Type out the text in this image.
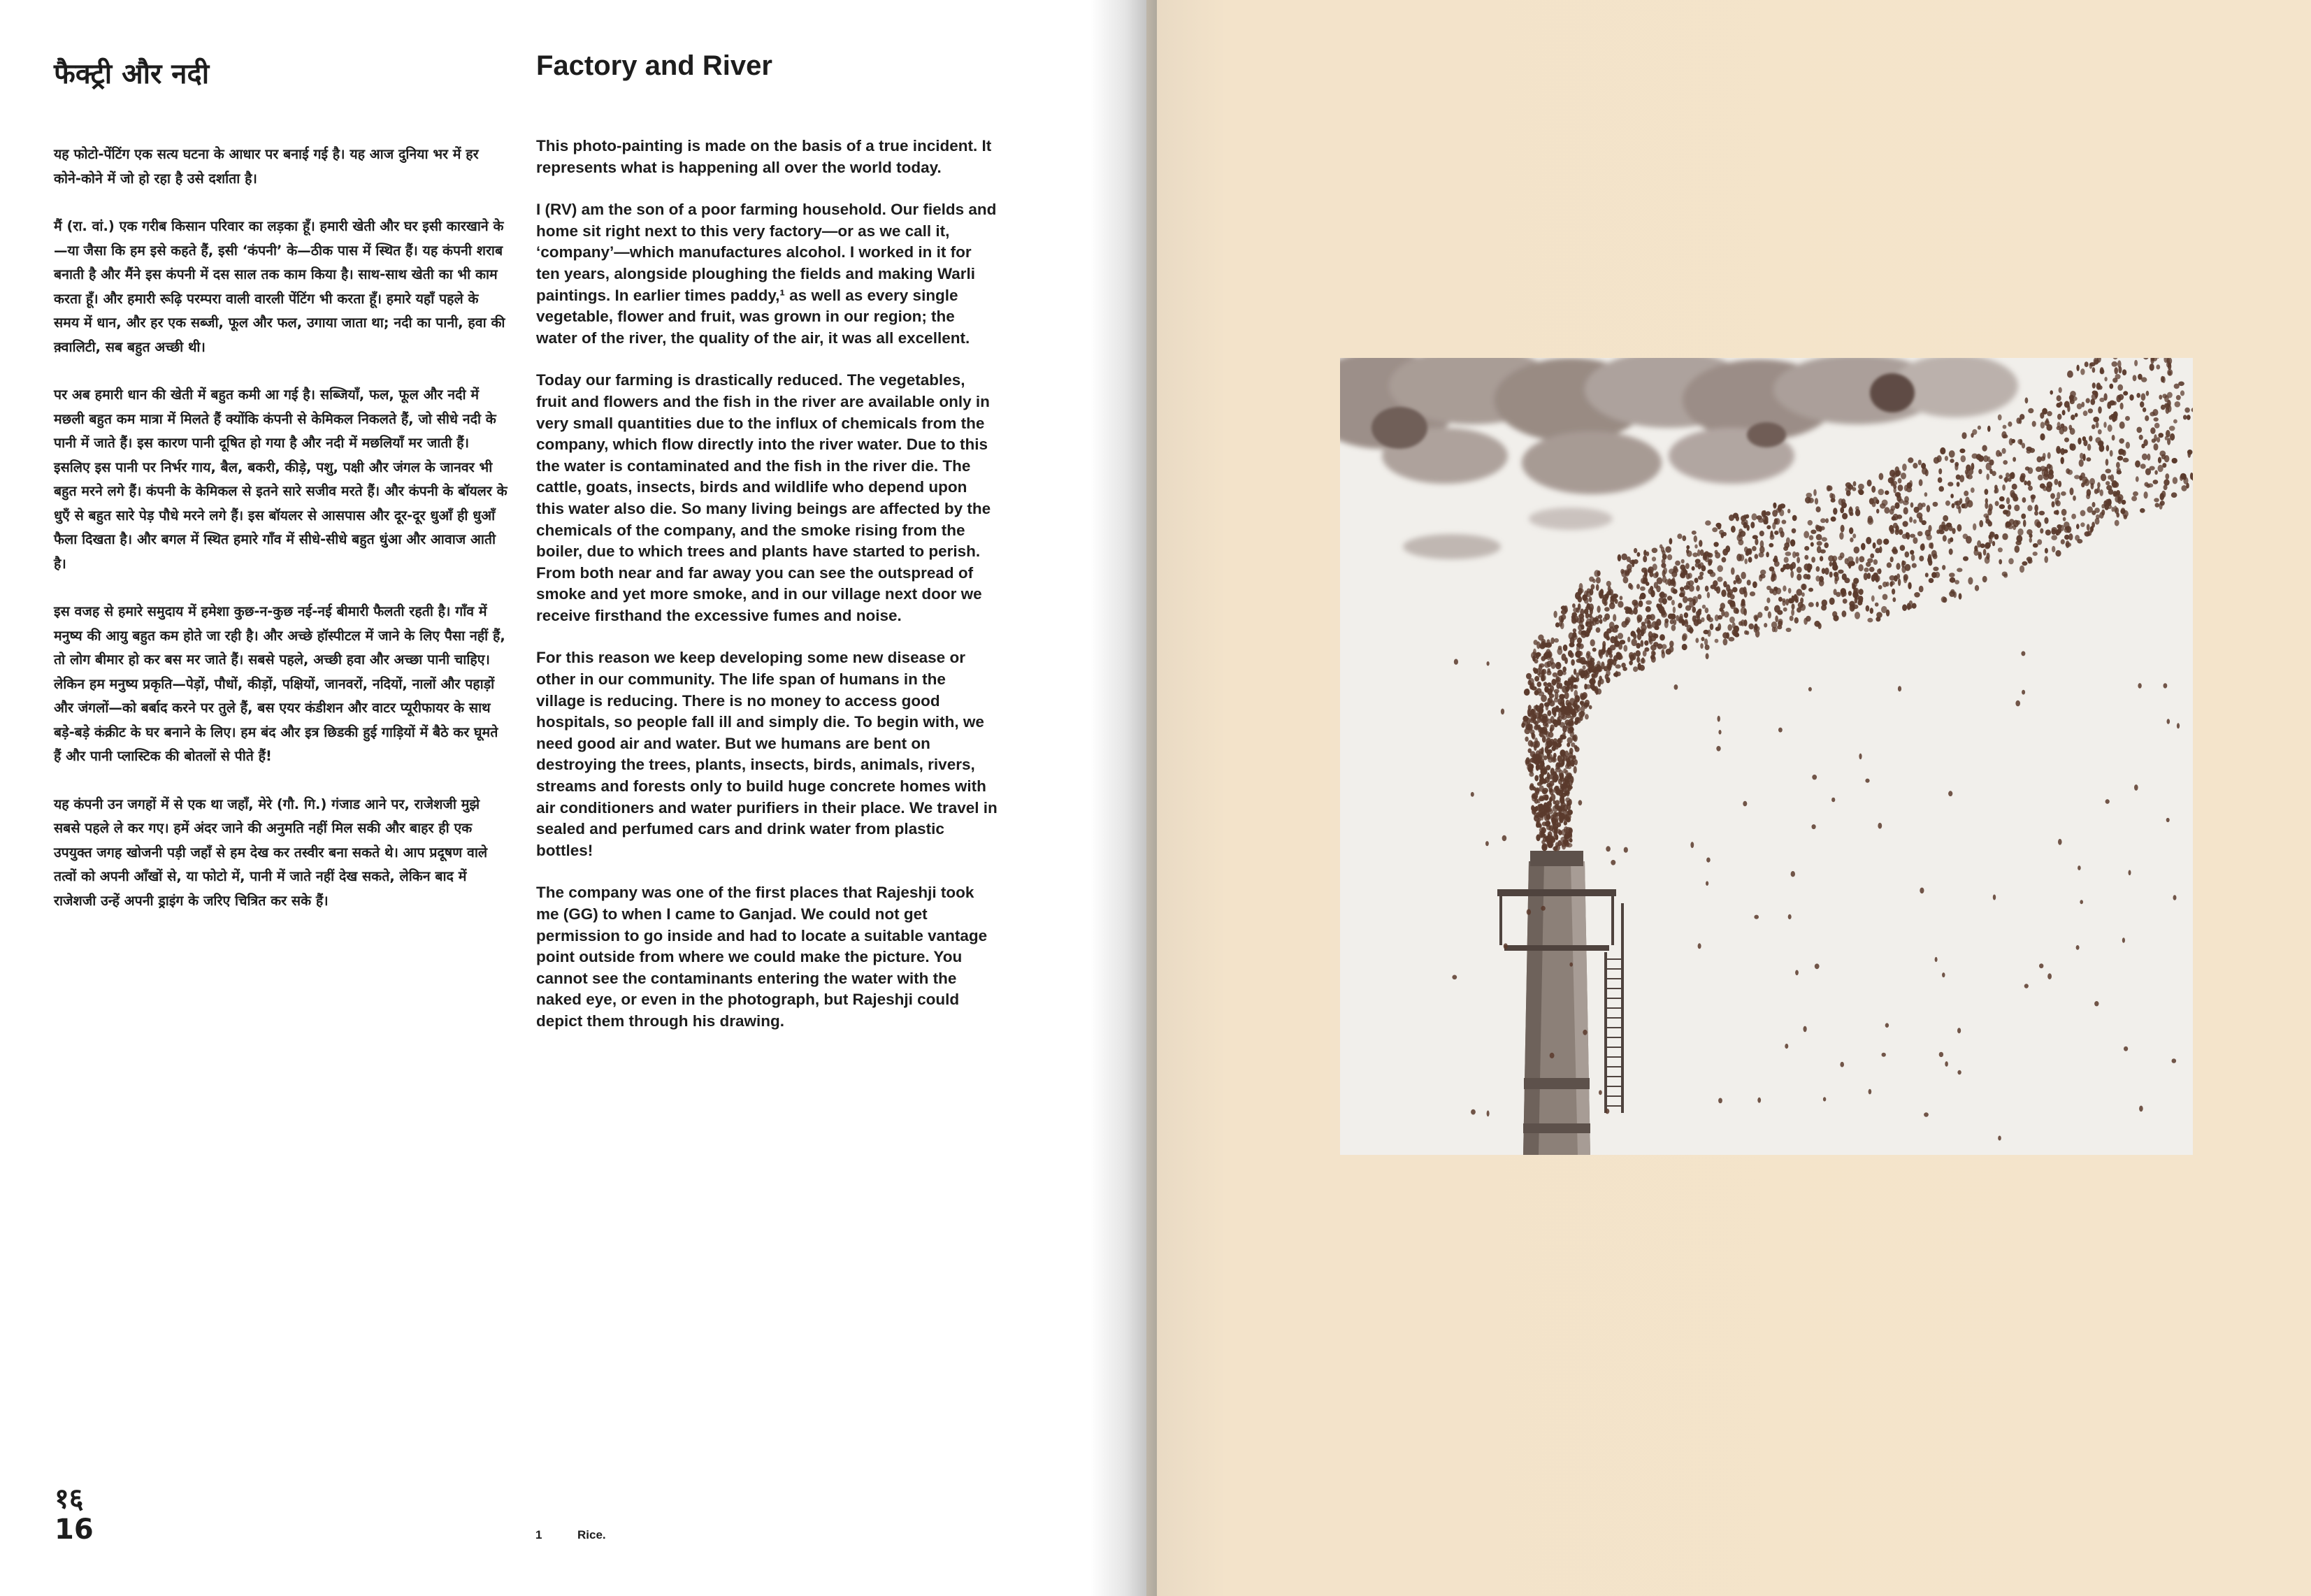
फैक्ट्री और नदी

यह फोटो-पेंटिंग एक सत्य घटना के आधार पर बनाई गई है। यह आज दुनिया भर में हर कोने-कोने में जो हो रहा है उसे दर्शाता है।

मैं (रा. वां.) एक गरीब किसान परिवार का लड़का हूँ। हमारी खेती और घर इसी कारखाने के—या जैसा कि हम इसे कहते हैं, इसी ‘कंपनी’ के—ठीक पास में स्थित हैं। यह कंपनी शराब बनाती है और मैंने इस कंपनी में दस साल तक काम किया है। साथ-साथ खेती का भी काम करता हूँ। और हमारी रूढ़ि परम्परा वाली वारली पेंटिंग भी करता हूँ। हमारे यहाँ पहले के समय में धान, और हर एक सब्जी, फूल और फल, उगाया जाता था; नदी का पानी, हवा की क़्वालिटी, सब बहुत अच्छी थी।

पर अब हमारी धान की खेती में बहुत कमी आ गई है। सब्जियाँ, फल, फूल और नदी में मछली बहुत कम मात्रा में मिलते हैं क्योंकि कंपनी से केमिकल निकलते हैं, जो सीधे नदी के पानी में जाते हैं। इस कारण पानी दूषित हो गया है और नदी में मछलियाँ मर जाती हैं। इसलिए इस पानी पर निर्भर गाय, बैल, बकरी, कीड़े, पशु, पक्षी और जंगल के जानवर भी बहुत मरने लगे हैं। कंपनी के केमिकल से इतने सारे सजीव मरते हैं। और कंपनी के बॉयलर के धुएँ से बहुत सारे पेड़ पौधे मरने लगे हैं। इस बॉयलर से आसपास और दूर-दूर धुआँ ही धुआँ फैला दिखता है। और बगल में स्थित हमारे गाँव में सीधे-सीधे बहुत धुंआ और आवाज आती है।

इस वजह से हमारे समुदाय में हमेशा कुछ-न-कुछ नई-नई बीमारी फैलती रहती है। गाँव में मनुष्य की आयु बहुत कम होते जा रही है। और अच्छे हॉस्पीटल में जाने के लिए पैसा नहीं हैं, तो लोग बीमार हो कर बस मर जाते हैं। सबसे पहले, अच्छी हवा और अच्छा पानी चाहिए। लेकिन हम मनुष्य प्रकृति—पेड़ों, पौधों, कीड़ों, पक्षियों, जानवरों, नदियों, नालों और पहाड़ों और जंगलों—को बर्बाद करने पर तुले हैं, बस एयर कंडीशन और वाटर प्यूरीफायर के साथ बड़े-बड़े कंक्रीट के घर बनाने के लिए। हम बंद और इत्र छिडकी हुई गाड़ियों में बैठे कर घूमते हैं और पानी प्लास्टिक की बोतलों से पीते हैं!

यह कंपनी उन जगहों में से एक था जहाँ, मेरे (गौ. गि.) गंजाड आने पर, राजेशजी मुझे सबसे पहले ले कर गए। हमें अंदर जाने की अनुमति नहीं मिल सकी और बाहर ही एक उपयुक्त जगह खोजनी पड़ी जहाँ से हम देख कर तस्वीर बना सकते थे। आप प्रदूषण वाले तत्वों को अपनी आँखों से, या फोटो में, पानी में जाते नहीं देख सकते, लेकिन बाद में राजेशजी उन्हें अपनी ड्राइंग के जरिए चित्रित कर सके हैं।

Factory and River

This photo-painting is made on the basis of a true incident. It represents what is happening all over the world today.

I (RV) am the son of a poor farming household. Our fields and home sit right next to this very factory—or as we call it, ‘company’—which manufactures alcohol. I worked in it for ten years, alongside ploughing the fields and making Warli paintings. In earlier times paddy,¹ as well as every single vegetable, flower and fruit, was grown in our region; the water of the river, the quality of the air, it was all excellent.

Today our farming is drastically reduced. The vegetables, fruit and flowers and the fish in the river are available only in very small quantities due to the influx of chemicals from the company, which flow directly into the river water. Due to this the water is contaminated and the fish in the river die. The cattle, goats, insects, birds and wildlife who depend upon this water also die. So many living beings are affected by the chemicals of the company, and the smoke rising from the boiler, due to which trees and plants have started to perish. From both near and far away you can see the outspread of smoke and yet more smoke, and in our village next door we receive firsthand the excessive fumes and noise.

For this reason we keep developing some new disease or other in our community. The life span of humans in the village is reducing. There is no money to access good hospitals, so people fall ill and simply die. To begin with, we need good air and water. But we humans are bent on destroying the trees, plants, insects, birds, animals, rivers, streams and forests only to build huge concrete homes with air conditioners and water purifiers in their place. We travel in sealed and perfumed cars and drink water from plastic bottles!

The company was one of the first places that Rajeshji took me (GG) to when I came to Ganjad. We could not get permission to go inside and had to locate a suitable vantage point outside from where we could make the picture. You cannot see the contaminants entering the water with the naked eye, or even in the photograph, but Rajeshji could depict them through his drawing.

१६
16	1	Rice.
